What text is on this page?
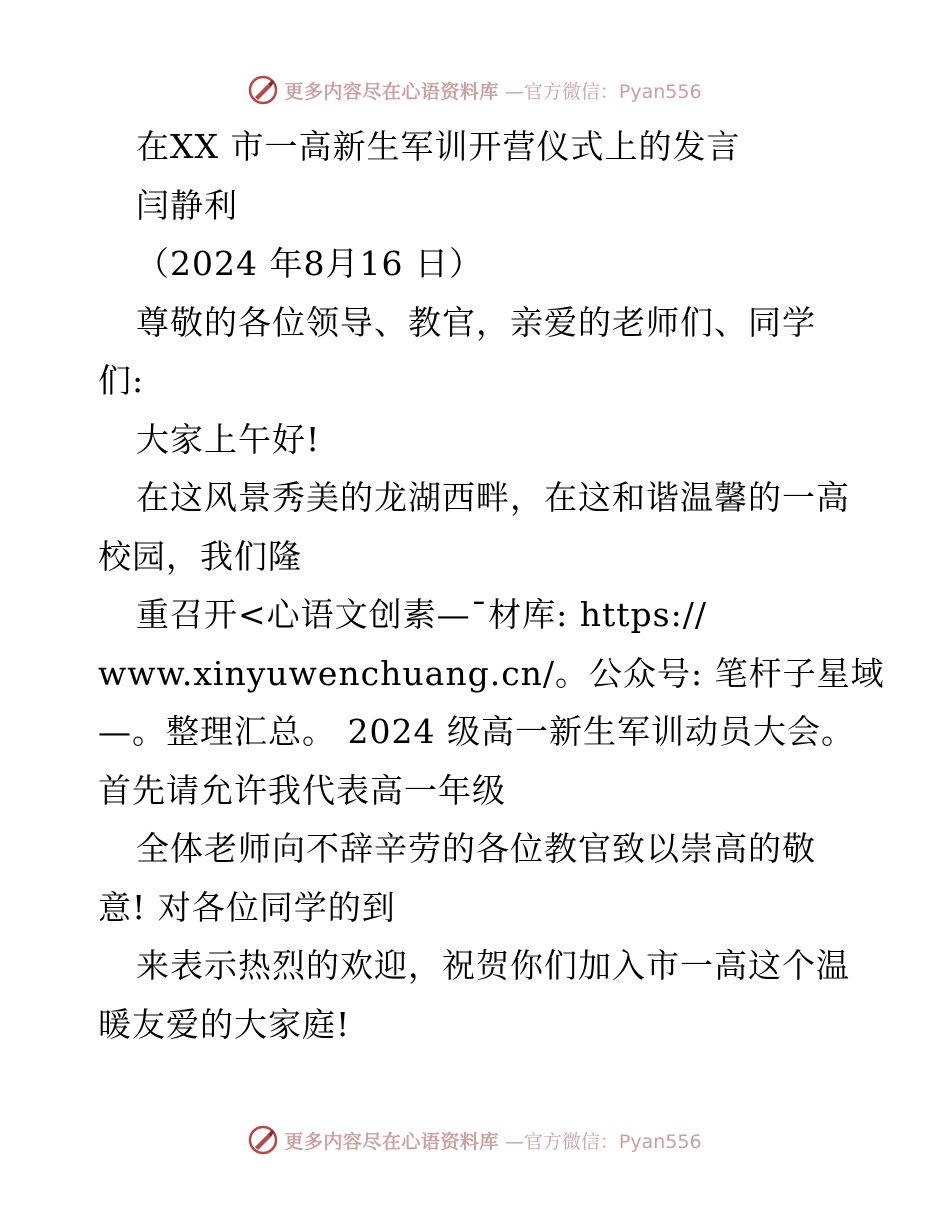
更多内容尽在心语资料库 —官方微信：Pyan556
在XX 市一高新生军训开营仪式上的发言
闫静利
（2024 年8月16 日）
尊敬的各位领导、教官，亲爱的老师们、同学
们:
大家上午好!
在这风景秀美的龙湖西畔，在这和谐温馨的一高
校园，我们隆
重召开<心语文创素—¯材库: https://
www.xinyuwenchuang.cn/。公众号: 笔杆子星域
—。整理汇总。 2024 级高一新生军训动员大会。
首先请允许我代表高一年级
全体老师向不辞辛劳的各位教官致以崇高的敬
意! 对各位同学的到
来表示热烈的欢迎，祝贺你们加入市一高这个温
暖友爱的大家庭!
更多内容尽在心语资料库 —官方微信：Pyan556
